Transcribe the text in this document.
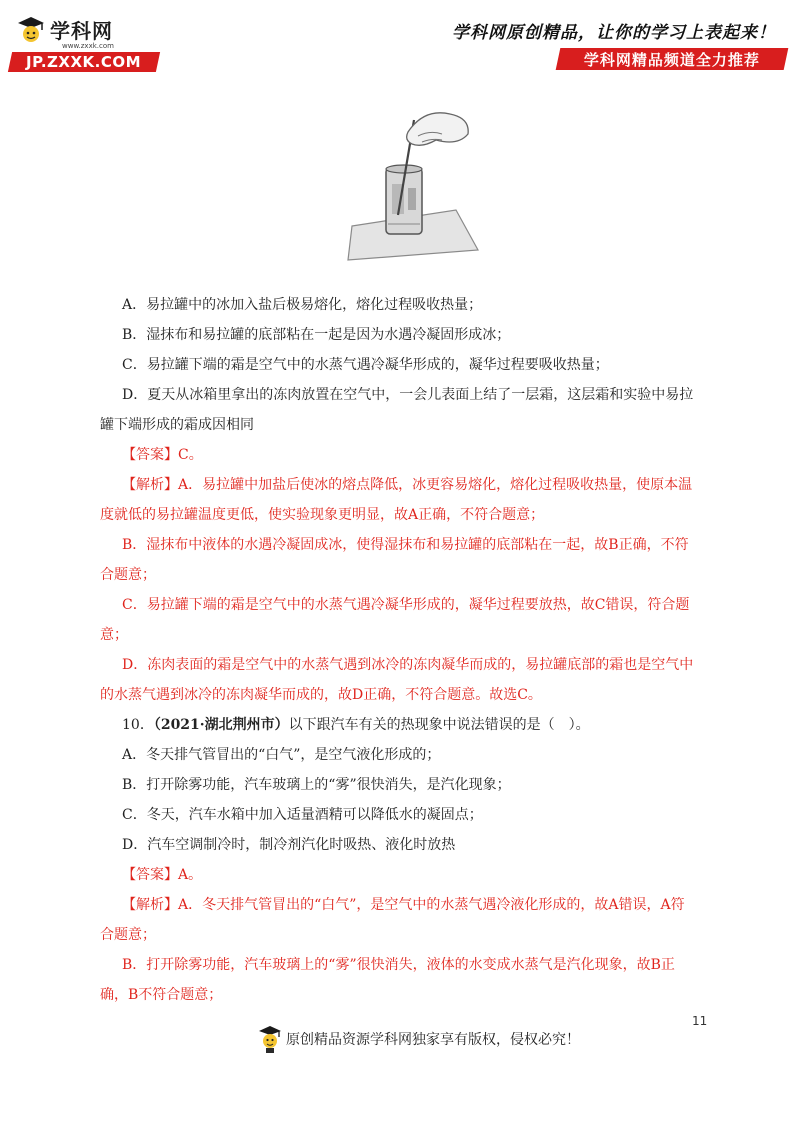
学科网
www.zxxk.com
JP.ZXXK.COM
学科网原创精品，让你的学习上表起来！
学科网精品频道全力推荐

A．易拉罐中的冰加入盐后极易熔化，熔化过程吸收热量；

B．湿抹布和易拉罐的底部粘在一起是因为水遇冷凝固形成冰；

C．易拉罐下端的霜是空气中的水蒸气遇冷凝华形成的，凝华过程要吸收热量；

D．夏天从冰箱里拿出的冻肉放置在空气中，一会儿表面上结了一层霜，这层霜和实验中易拉

罐下端形成的霜成因相同

【答案】C。

【解析】A．易拉罐中加盐后使冰的熔点降低，冰更容易熔化，熔化过程吸收热量，使原本温

度就低的易拉罐温度更低，使实验现象更明显，故A正确，不符合题意；

B．湿抹布中液体的水遇冷凝固成冰，使得湿抹布和易拉罐的底部粘在一起，故B正确，不符

合题意；

C．易拉罐下端的霜是空气中的水蒸气遇冷凝华形成的，凝华过程要放热，故C错误，符合题

意；

D．冻肉表面的霜是空气中的水蒸气遇到冰冷的冻肉凝华而成的，易拉罐底部的霜也是空气中

的水蒸气遇到冰冷的冻肉凝华而成的，故D正确，不符合题意。故选C。

10．（2021·湖北荆州市）以下跟汽车有关的热现象中说法错误的是（　）。

A．冬天排气管冒出的“白气”，是空气液化形成的；

B．打开除雾功能，汽车玻璃上的“雾”很快消失，是汽化现象；

C．冬天，汽车水箱中加入适量酒精可以降低水的凝固点；

D．汽车空调制冷时，制冷剂汽化时吸热、液化时放热

【答案】A。

【解析】A．冬天排气管冒出的“白气”，是空气中的水蒸气遇冷液化形成的，故A错误，A符

合题意；

B．打开除雾功能，汽车玻璃上的“雾”很快消失，液体的水变成水蒸气是汽化现象，故B正

确，B不符合题意；

11
原创精品资源学科网独家享有版权，侵权必究！
